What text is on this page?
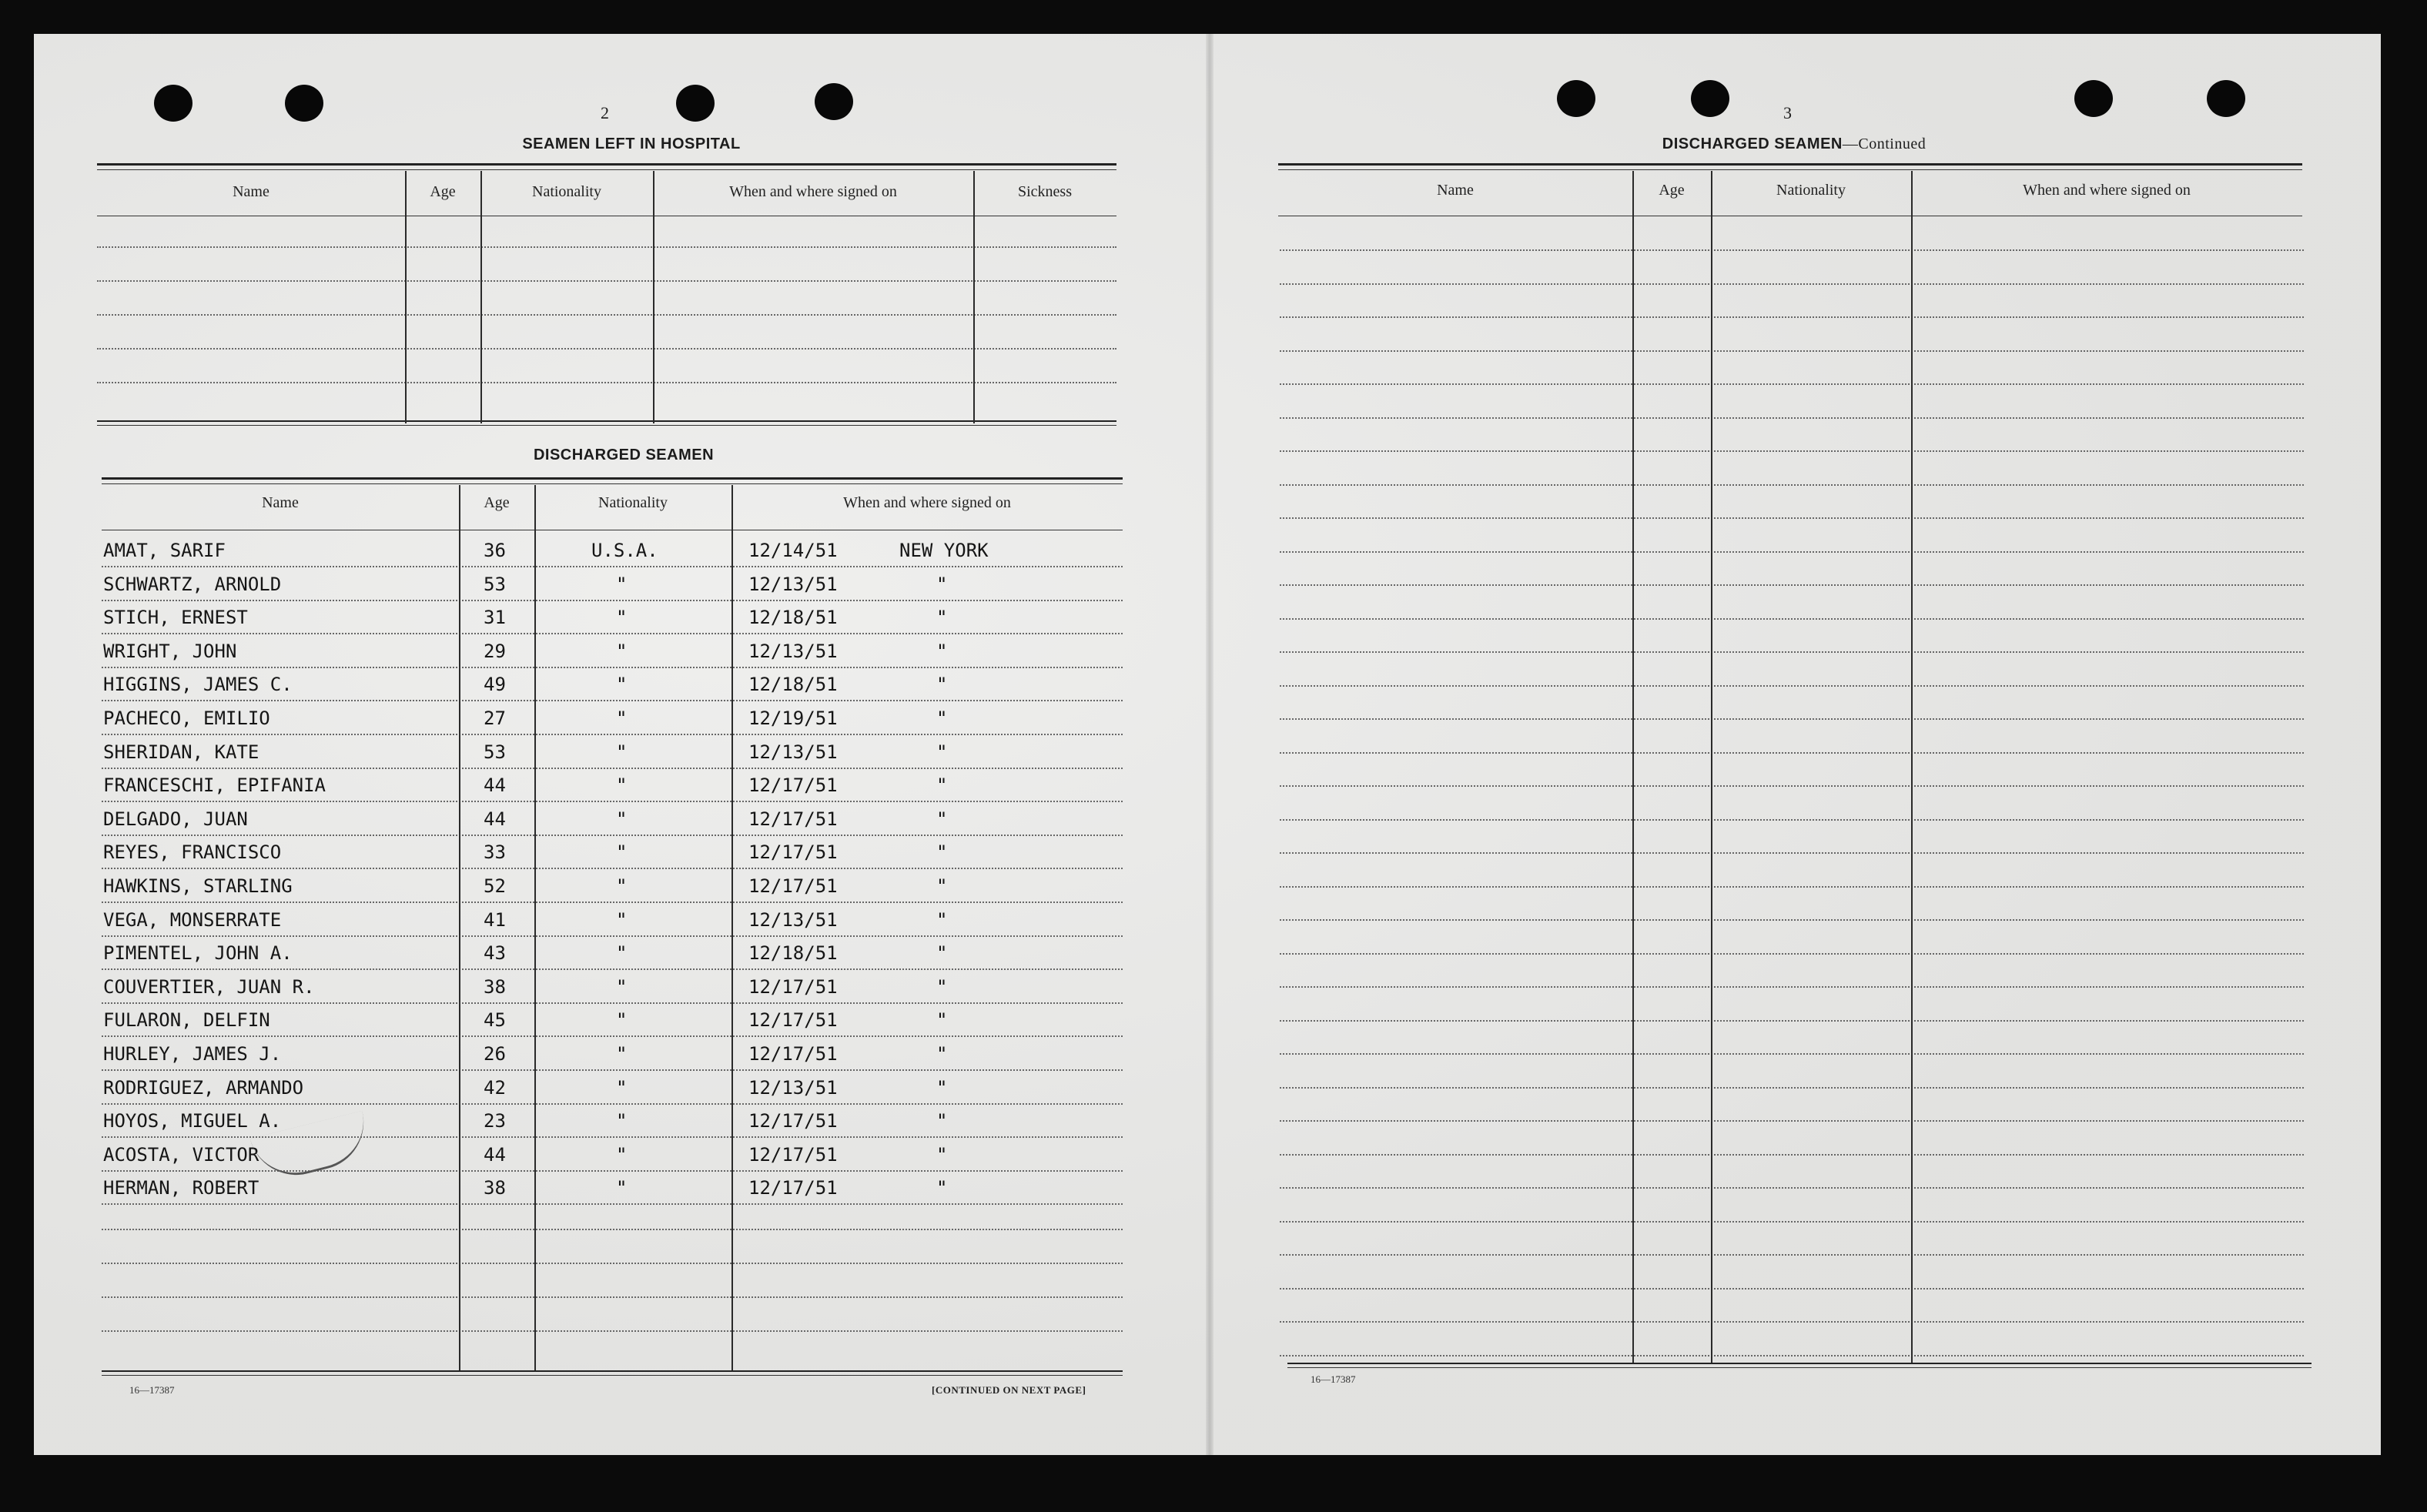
2
SEAMEN LEFT IN HOSPITAL
Name	Age	Nationality	When and where signed on	Sickness
DISCHARGED SEAMEN
Name	Age	Nationality	When and where signed on
AMAT, SARIF	36	U.S.A.	12/14/51	NEW YORK
SCHWARTZ, ARNOLD	53	"	12/13/51	"
STICH, ERNEST	31	"	12/18/51	"
WRIGHT, JOHN	29	"	12/13/51	"
HIGGINS, JAMES C.	49	"	12/18/51	"
PACHECO, EMILIO	27	"	12/19/51	"
SHERIDAN, KATE	53	"	12/13/51	"
FRANCESCHI, EPIFANIA	44	"	12/17/51	"
DELGADO, JUAN	44	"	12/17/51	"
REYES, FRANCISCO	33	"	12/17/51	"
HAWKINS, STARLING	52	"	12/17/51	"
VEGA, MONSERRATE	41	"	12/13/51	"
PIMENTEL, JOHN A.	43	"	12/18/51	"
COUVERTIER, JUAN R.	38	"	12/17/51	"
FULARON, DELFIN	45	"	12/17/51	"
HURLEY, JAMES J.	26	"	12/17/51	"
RODRIGUEZ, ARMANDO	42	"	12/13/51	"
HOYOS, MIGUEL A.	23	"	12/17/51	"
ACOSTA, VICTOR	44	"	12/17/51	"
HERMAN, ROBERT	38	"	12/17/51	"
16—17387	[CONTINUED ON NEXT PAGE]
3
DISCHARGED SEAMEN—Continued
Name	Age	Nationality	When and where signed on
16—17387
